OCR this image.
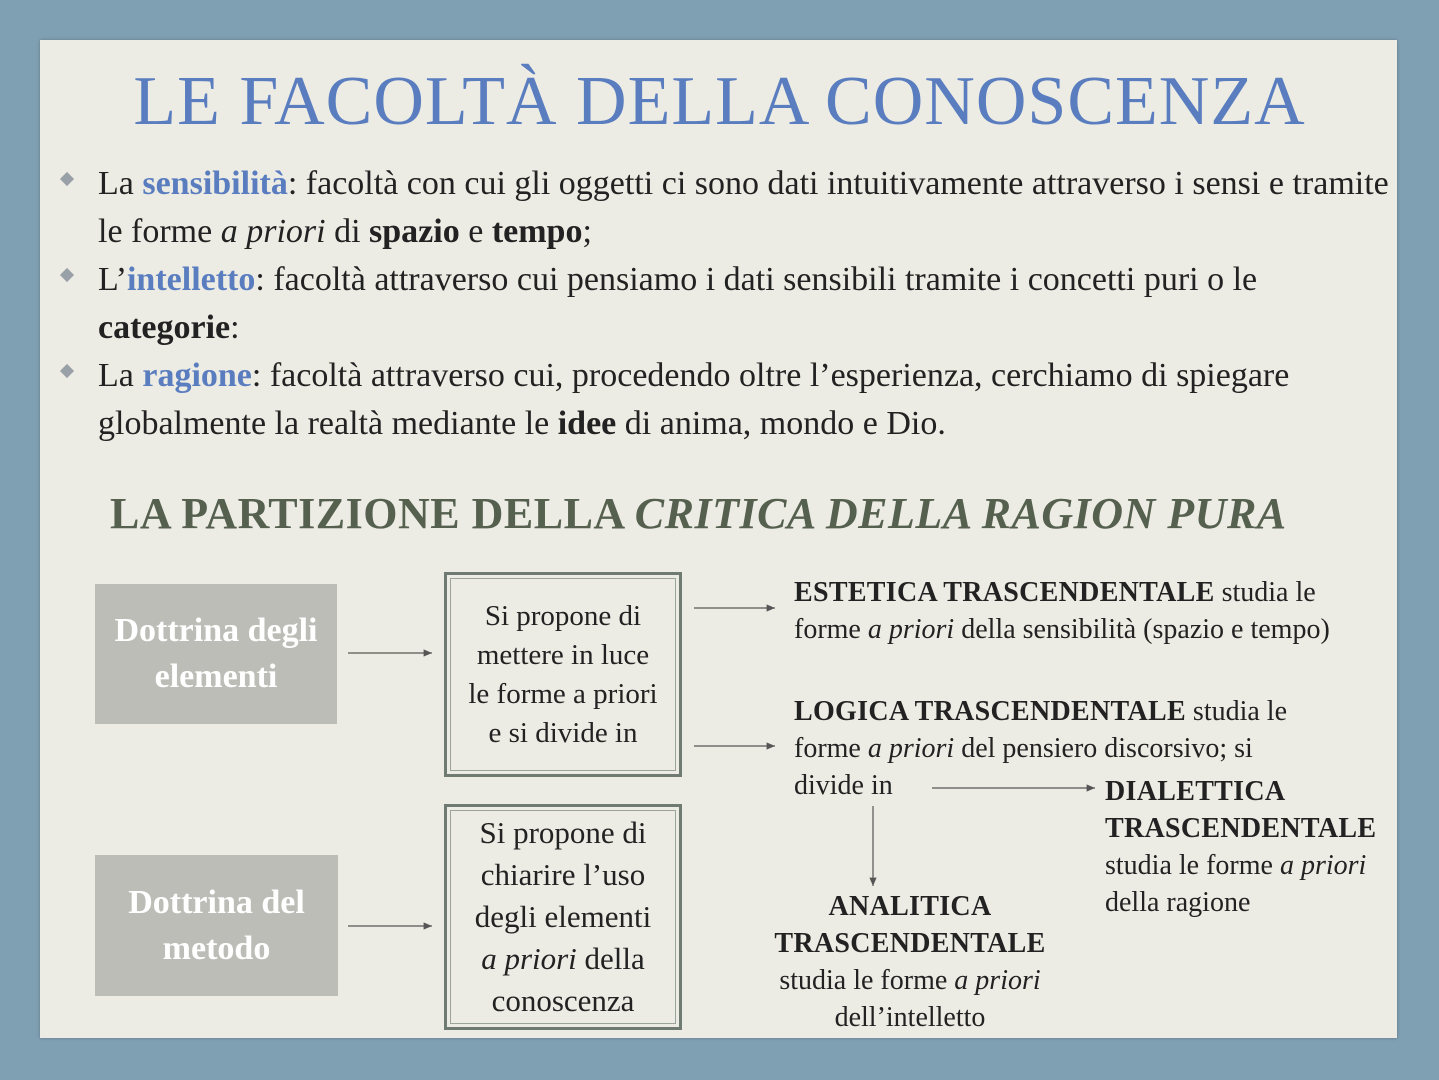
LE FACOLTÀ DELLA CONOSCENZA
La sensibilità: facoltà con cui gli oggetti ci sono dati intuitivamente attraverso i sensi e tramite le forme a priori di spazio e tempo;
L’intelletto: facoltà attraverso cui pensiamo i dati sensibili tramite i concetti puri o le categorie:
La ragione: facoltà attraverso cui, procedendo oltre l’esperienza, cerchiamo di spiegare globalmente la realtà mediante le idee di anima, mondo e Dio.
LA PARTIZIONE DELLA CRITICA DELLA RAGION PURA
Dottrina degli
elementi
Dottrina del
metodo
Si propone di
mettere in luce
le forme a priori
e si divide in
Si propone di
chiarire l’uso
degli elementi
a priori della
conoscenza
ESTETICA TRASCENDENTALE studia le
forme a priori della sensibilità (spazio e tempo)
LOGICA TRASCENDENTALE studia le
forme a priori del pensiero discorsivo; si
divide in	DIALETTICA
TRASCENDENTALE
studia le forme a priori
della ragione
ANALITICA
TRASCENDENTALE
studia le forme a priori
dell’intelletto
